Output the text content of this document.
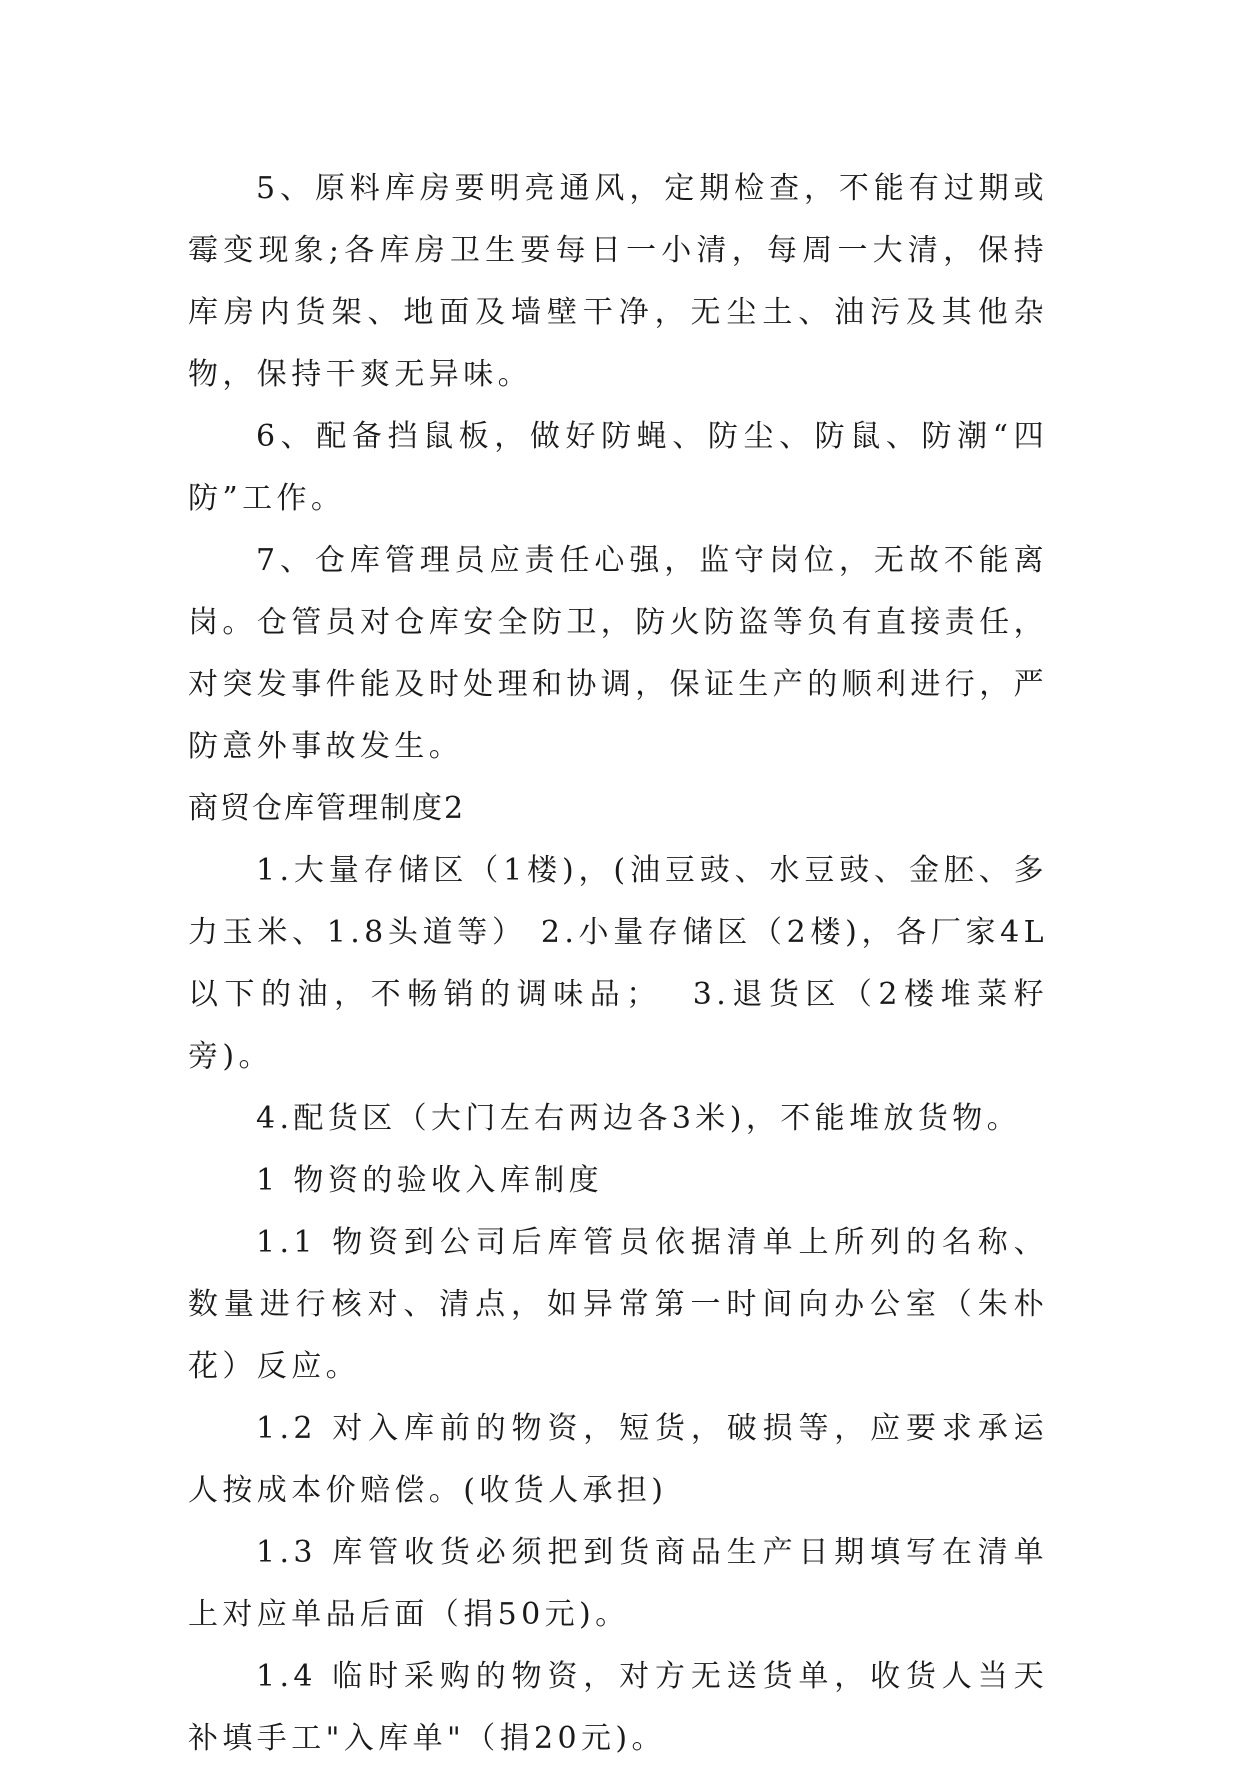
5、原料库房要明亮通风，定期检查，不能有过期或霉变现象;各库房卫生要每日一小清，每周一大清，保持库房内货架、地面及墙壁干净，无尘土、油污及其他杂物，保持干爽无异味。

6、配备挡鼠板，做好防蝇、防尘、防鼠、防潮“四防”工作。

7、仓库管理员应责任心强，监守岗位，无故不能离岗。仓管员对仓库安全防卫，防火防盗等负有直接责任，对突发事件能及时处理和协调，保证生产的顺利进行，严防意外事故发生。

商贸仓库管理制度2

1.大量存储区（1楼)，(油豆豉、水豆豉、金胚、多力玉米、1.8头道等） 2.小量存储区（2楼)，各厂家4L以下的油，不畅销的调味品；  3.退货区（2楼堆菜籽旁)。

4.配货区（大门左右两边各3米)，不能堆放货物。

1 物资的验收入库制度

1.1 物资到公司后库管员依据清单上所列的名称、数量进行核对、清点，如异常第一时间向办公室（朱朴花）反应。

1.2 对入库前的物资，短货，破损等，应要求承运人按成本价赔偿。(收货人承担)

1.3 库管收货必须把到货商品生产日期填写在清单上对应单品后面（捐50元)。

1.4 临时采购的物资，对方无送货单，收货人当天补填手工"入库单"（捐20元)。
